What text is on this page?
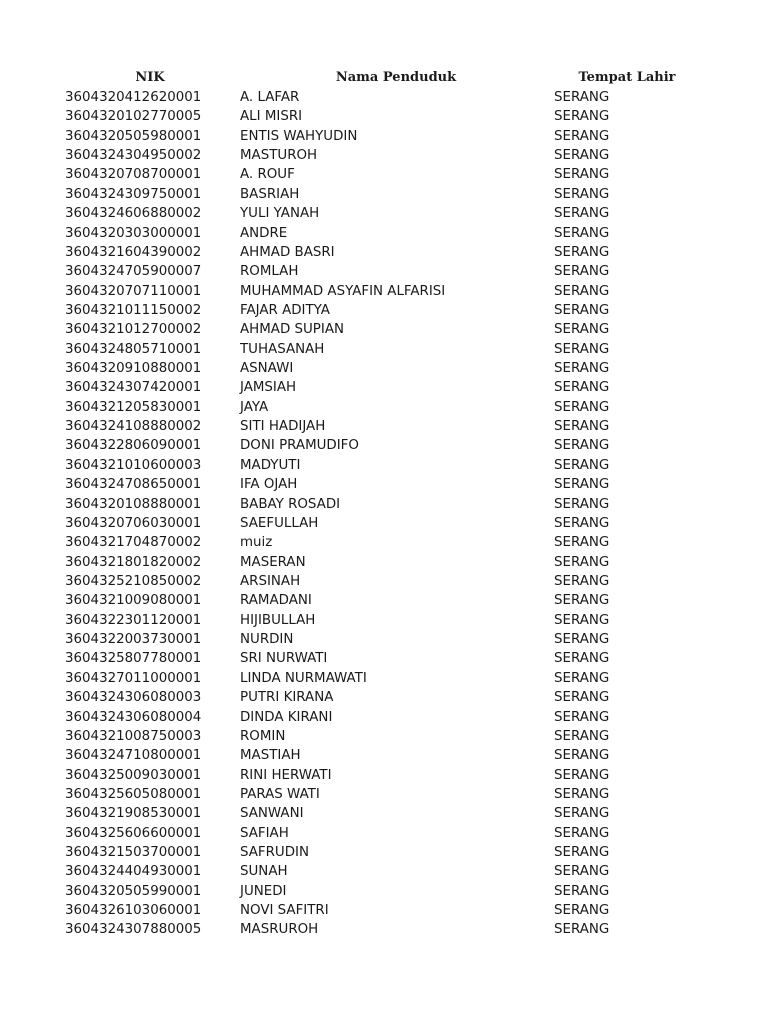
NIK	Nama Penduduk	Tempat Lahir
3604320412620001	A. LAFAR	SERANG
3604320102770005	ALI MISRI	SERANG
3604320505980001	ENTIS WAHYUDIN	SERANG
3604324304950002	MASTUROH	SERANG
3604320708700001	A. ROUF	SERANG
3604324309750001	BASRIAH	SERANG
3604324606880002	YULI YANAH	SERANG
3604320303000001	ANDRE	SERANG
3604321604390002	AHMAD BASRI	SERANG
3604324705900007	ROMLAH	SERANG
3604320707110001	MUHAMMAD ASYAFIN ALFARISI	SERANG
3604321011150002	FAJAR ADITYA	SERANG
3604321012700002	AHMAD SUPIAN	SERANG
3604324805710001	TUHASANAH	SERANG
3604320910880001	ASNAWI	SERANG
3604324307420001	JAMSIAH	SERANG
3604321205830001	JAYA	SERANG
3604324108880002	SITI HADIJAH	SERANG
3604322806090001	DONI PRAMUDIFO	SERANG
3604321010600003	MADYUTI	SERANG
3604324708650001	IFA OJAH	SERANG
3604320108880001	BABAY ROSADI	SERANG
3604320706030001	SAEFULLAH	SERANG
3604321704870002	muiz	SERANG
3604321801820002	MASERAN	SERANG
3604325210850002	ARSINAH	SERANG
3604321009080001	RAMADANI	SERANG
3604322301120001	HIJIBULLAH	SERANG
3604322003730001	NURDIN	SERANG
3604325807780001	SRI NURWATI	SERANG
3604327011000001	LINDA NURMAWATI	SERANG
3604324306080003	PUTRI KIRANA	SERANG
3604324306080004	DINDA KIRANI	SERANG
3604321008750003	ROMIN	SERANG
3604324710800001	MASTIAH	SERANG
3604325009030001	RINI HERWATI	SERANG
3604325605080001	PARAS WATI	SERANG
3604321908530001	SANWANI	SERANG
3604325606600001	SAFIAH	SERANG
3604321503700001	SAFRUDIN	SERANG
3604324404930001	SUNAH	SERANG
3604320505990001	JUNEDI	SERANG
3604326103060001	NOVI SAFITRI	SERANG
3604324307880005	MASRUROH	SERANG
